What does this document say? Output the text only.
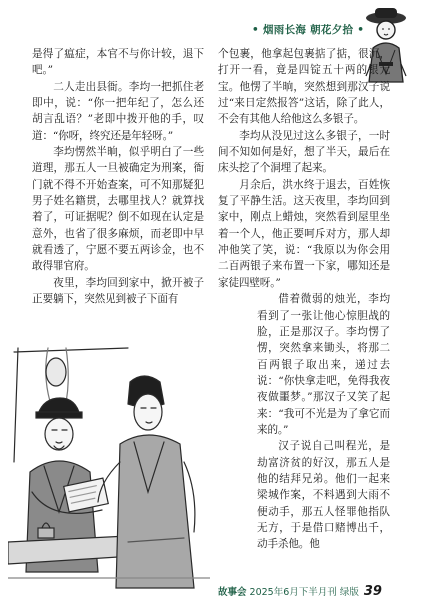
• 烟雨长海 朝花夕拾 •

是得了瘟症，本官不与你计较，退下吧。”

二人走出县衙。李均一把抓住老即中，说：“你一把年纪了，怎么还胡言乱语？”老即中拨开他的手，叹道：“你呀，终究还是年轻呀。”

李均愣然半晌，似乎明白了一些道理，那五人一旦被确定为刑案，衙门就不得不开始查案，可不知那疑犯男子姓名籍贯，去哪里找人？就算找着了，可证据呢？倒不如现在认定是意外，也省了很多麻烦，而老即中早就看透了，宁愿不要五两诊金，也不敢得罪官府。

夜里，李均回到家中，掀开被子正要躺下，突然见到被子下面有

个包裹，他拿起包裹掂了掂，很沉，打开一看，竟是四锭五十两的银元宝。他愣了半晌，突然想到那汉子说过“来日定然报答”这话，除了此人，不会有其他人给他这么多银子。

李均从没见过这么多银子，一时间不知如何是好，想了半天，最后在床头挖了个洞埋了起来。

月余后，洪水终于退去，百姓恢复了平静生活。这天夜里，李均回到家中，刚点上蜡烛，突然看到屋里坐着一个人，他正要呵斥对方，那人却冲他笑了笑，说：“我原以为你会用二百两银子来布置一下家，哪知还是家徒四壁呀。”

借着微弱的烛光，李均看到了一张让他心惊胆战的脸，正是那汉子。李均愣了愣，突然拿来锄头，将那二百两银子取出来，递过去说：“你快拿走吧，免得我夜夜做噩梦。”那汉子又笑了起来：“我可不光是为了拿它而来的。”

汉子说自己叫程光，是劫富济贫的好汉，那五人是他的结拜兄弟。他们一起来梁城作案，不料遇到大雨不便动手，那五人怪罪他指队无方，于是借口赌博出千，动手杀他。他

故事会 2025年6月下半月刊 绿版 39
